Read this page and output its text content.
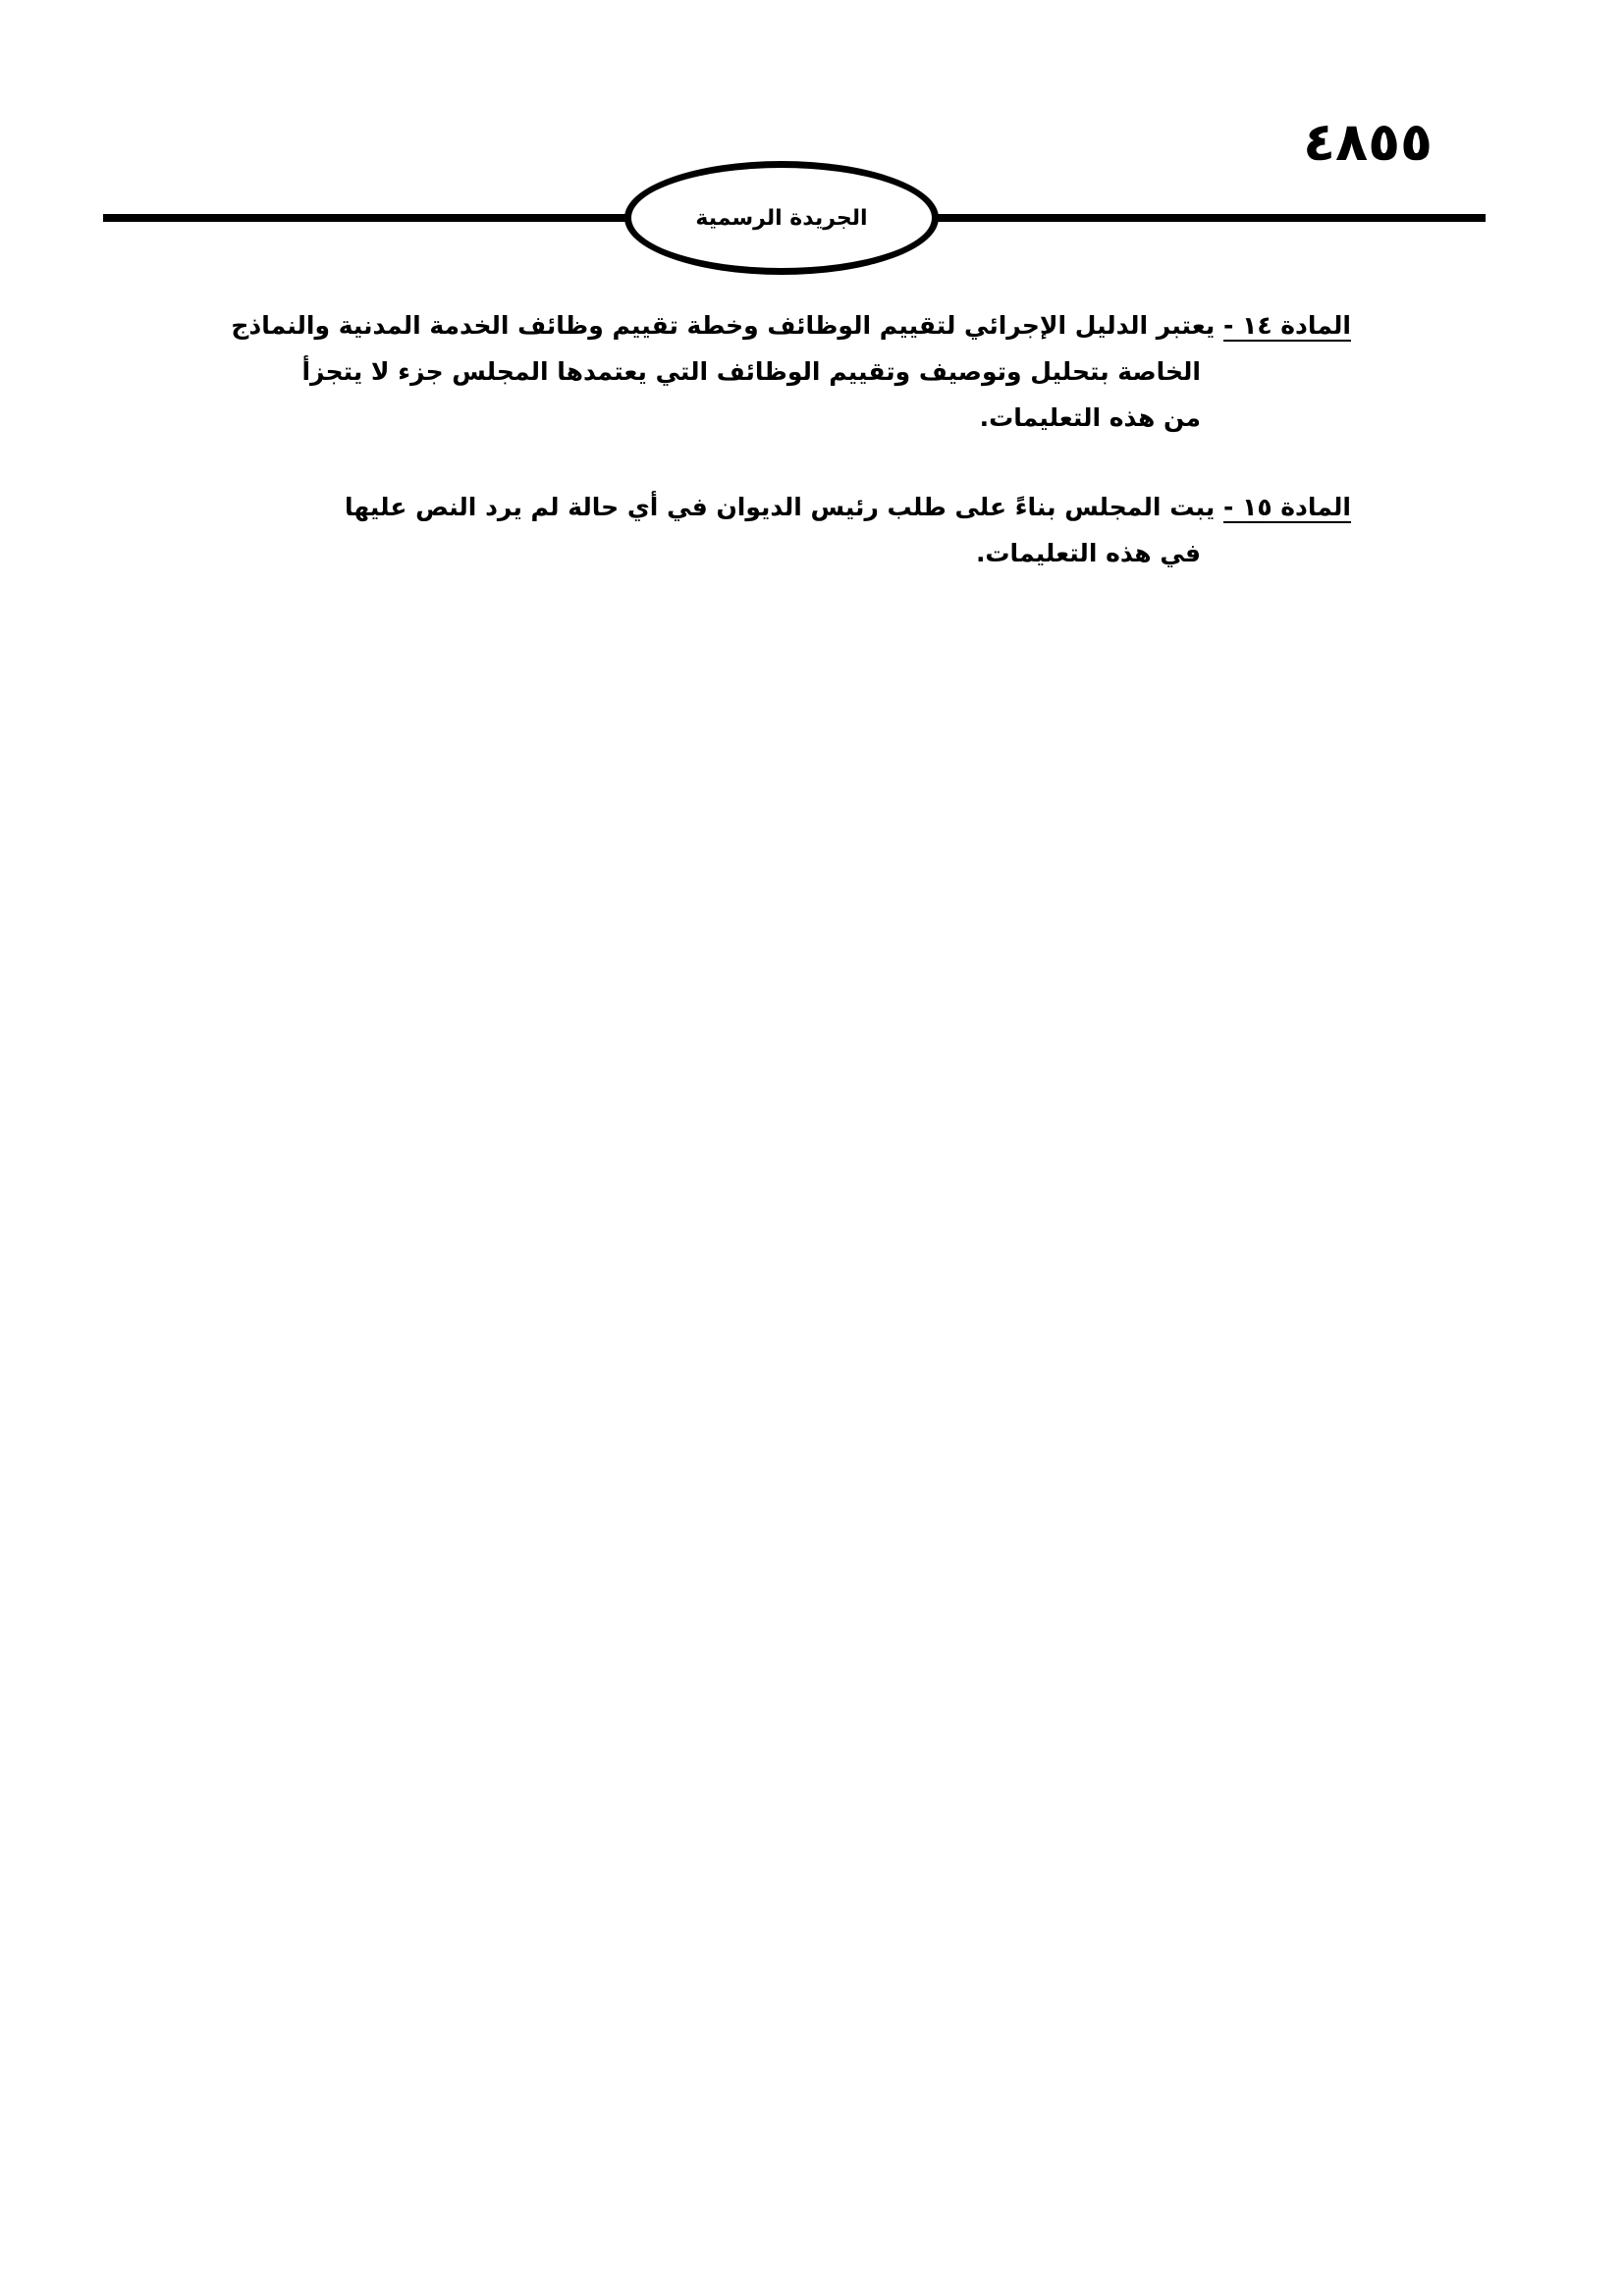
٤٨٥٥
الجريدة الرسمية
المادة ١٤ - يعتبر الدليل الإجرائي لتقييم الوظائف وخطة تقييم وظائف الخدمة المدنية والنماذج
الخاصة بتحليل وتوصيف وتقييم الوظائف التي يعتمدها المجلس جزء لا يتجزأ
من هذه التعليمات.
المادة ١٥ - يبت المجلس بناءً على طلب رئيس الديوان في أي حالة لم يرد النص عليها
في هذه التعليمات.
